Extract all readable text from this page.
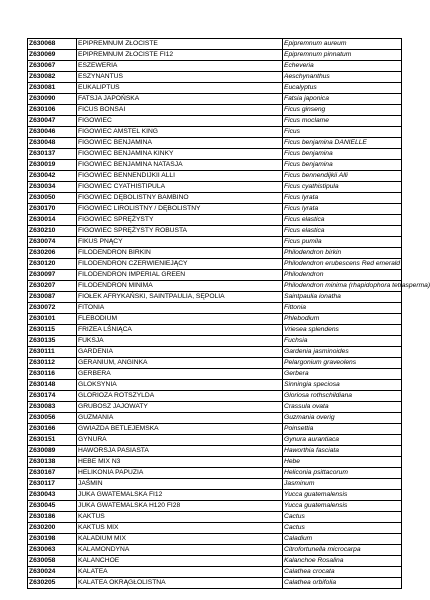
Z630068	EPIPREMNUM ZŁOCISTE	Epipremnum aureum
Z630069	EPIPREMNUM ZŁOCISTE FI12	Epipremnum pinnatum
Z630067	ESZEWERIA	Echeveria
Z630082	ESZYNANTUS	Aeschynanthus
Z630081	EUKALIPTUS	Eucalyptus
Z630090	FATSJA JAPOŃSKA	Fatsia japonica
Z630106	FICUS BONSAI	Ficus ginseng
Z630047	FIGOWIEC	Ficus moclame
Z630046	FIGOWIEC AMSTEL KING	Ficus
Z630048	FIGOWIEC BENJAMINA	Ficus benjamina DANIELLE
Z630137	FIGOWIEC BENJAMINA KINKY	Ficus benjamina
Z630019	FIGOWIEC BENJAMINA NATASJA	Ficus benjamina
Z630042	FIGOWIEC BENNENDIJKII ALLI	Ficus bennendijkii Alli
Z630034	FIGOWIEC CYATHISTIPULA	Ficus cyathistipula
Z630050	FIGOWIEC DĘBOLISTNY BAMBINO	Ficus lyrata
Z630170	FIGOWIEC LIROLISTNY / DĘBOLISTNY	Ficus lyrata
Z630014	FIGOWIEC SPRĘŻYSTY	Ficus elastica
Z630210	FIGOWIEC SPRĘŻYSTY ROBUSTA	Ficus elastica
Z630074	FIKUS PNĄCY	Ficus pumila
Z630206	FILODENDRON BIRKIN	Philodendron birkin
Z630120	FILODENDRON CZERWIENIEJĄCY	Philodendron erubescens Red emerald
Z630097	FILODENDRON IMPERIAL GREEN	Philodendron
Z630207	FILODENDRON MINIMA	Philodendron minima (rhapidophora tetrasperma)
Z630087	FIOŁEK AFRYKAŃSKI, SAINTPAULIA, SĘPOLIA	Saintpaulia ionatha
Z630072	FITONIA	Fittonia
Z630101	FLEBODIUM	Phlebodium
Z630115	FRIZEA LŚNIĄCA	Vriesea splendens
Z630135	FUKSJA	Fuchsia
Z630111	GARDENIA	Gardenia jasminoides
Z630112	GERANIUM, ANGINKA	Pelargonium graveolens
Z630116	GERBERA	Gerbera
Z630148	GLOKSYNIA	Sinningia speciosa
Z630174	GLORIOZA ROTSZYLDA	Gloriosa rothschildiana
Z630083	GRUBOSZ JAJOWATY	Crassula ovata
Z630056	GUZMANIA	Guzmania overig
Z630166	GWIAZDA BETLEJEMSKA	Poinsettia
Z630151	GYNURA	Gynura aurantiaca
Z630089	HAWORSJA PASIASTA	Haworthia fasciata
Z630138	HEBE MIX N3	Hebe
Z630167	HELIKONIA PAPUZIA	Heliconia psittacorum
Z630117	JAŚMIN	Jasminum
Z630043	JUKA GWATEMALSKA FI12	Yucca guatemalensis
Z630045	JUKA GWATEMALSKA H120 FI28	Yucca guatemalensis
Z630186	KAKTUS	Cactus
Z630200	KAKTUS MIX	Cactus
Z630198	KALADIUM MIX	Caladium
Z630063	KALAMONDYNA	Citrofortunella microcarpa
Z630058	KALANCHOE	Kalanchoe Rosalina
Z630024	KALATEA	Calathea crocata
Z630205	KALATEA OKRĄGŁOLISTNA	Calathea orbifolia
